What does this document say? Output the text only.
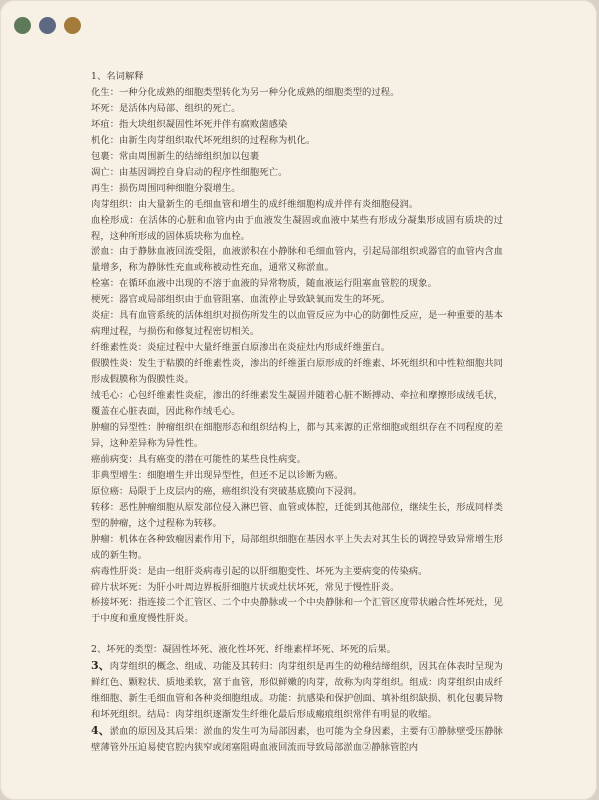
1、名词解释

化生：一种分化成熟的细胞类型转化为另一种分化成熟的细胞类型的过程。

坏死：是活体内局部、组织的死亡。

坏疽：指大块组织凝固性坏死并伴有腐败菌感染

机化：由新生肉芽组织取代坏死组织的过程称为机化。

包裹：常由周围新生的结缔组织加以包裹

凋亡：由基因调控自身启动的程序性细胞死亡。

再生：损伤周围同种细胞分裂增生。

肉芽组织：由大量新生的毛细血管和增生的成纤维细胞构成并伴有炎细胞侵润。

血栓形成：在活体的心脏和血管内由于血液发生凝固或血液中某些有形成分凝集形成固有质块的过程，这种所形成的固体质块称为血栓。

淤血：由于静脉血液回流受阻，血液淤积在小静脉和毛细血管内，引起局部组织或器官的血管内含血量增多，称为静脉性充血或称被动性充血，通常又称淤血。

栓塞：在循环血液中出现的不溶于血液的异常物质，随血液运行阻塞血管腔的现象。

梗死：器官或局部组织由于血管阻塞、血流停止导致缺氧而发生的坏死。

炎症：具有血管系统的活体组织对损伤所发生的以血管反应为中心的防御性反应，是一种重要的基本病理过程，与损伤和修复过程密切相关。

纤维素性炎：炎症过程中大量纤维蛋白原渗出在炎症灶内形成纤维蛋白。

假膜性炎：发生于粘膜的纤维素性炎，渗出的纤维蛋白原形成的纤维素、坏死组织和中性粒细胞共同形成假膜称为假膜性炎。

绒毛心：心包纤维素性炎症，渗出的纤维素发生凝固并随着心脏不断搏动、牵拉和摩擦形成绒毛状，覆盖在心脏表面，因此称作绒毛心。

肿瘤的异型性：肿瘤组织在细胞形态和组织结构上，都与其来源的正常细胞或组织存在不同程度的差异，这种差异称为异性性。

癌前病变：具有癌变的潜在可能性的某些良性病变。

非典型增生：细胞增生并出现异型性，但还不足以诊断为癌。

原位癌：局限于上皮层内的癌，癌组织没有突破基底膜向下浸润。

转移：恶性肿瘤细胞从原发部位侵入淋巴管、血管或体腔，迁徙到其他部位，继续生长，形成同样类型的肿瘤，这个过程称为转移。

肿瘤：机体在各种致瘤因素作用下，局部组织细胞在基因水平上失去对其生长的调控导致异常增生形成的新生物。

病毒性肝炎：是由一组肝炎病毒引起的以肝细胞变性、坏死为主要病变的传染病。

碎片状坏死：为肝小叶周边界板肝细胞片状或灶状坏死，常见于慢性肝炎。

桥接坏死：指连接二个汇管区、二个中央静脉或一个中央静脉和一个汇管区度带状融合性坏死灶，见于中度和重度慢性肝炎。

2、坏死的类型：凝固性坏死、液化性坏死、纤维素样坏死、坏死的后果。

3、肉芽组织的概念、组成、功能及其转归：肉芽组织是再生的幼稚结缔组织，因其在体表时呈现为鲜红色、颗粒状、质地柔软，富于血管，形似鲜嫩的肉芽，故称为肉芽组织。组成：肉芽组织由成纤维细胞、新生毛细血管和各种炎细胞组成。功能：抗感染和保护创面、填补组织缺损、机化包裹异物和坏死组织。结局：肉芽组织逐渐发生纤维化最后形成瘢痕组织常伴有明显的收缩。

4、淤血的原因及其后果：淤血的发生可为局部因素，也可能为全身因素，主要有①静脉壁受压静脉壁薄管外压迫易使官腔内狭窄或闭塞阻碍血液回流而导致局部淤血②静脉管腔内
